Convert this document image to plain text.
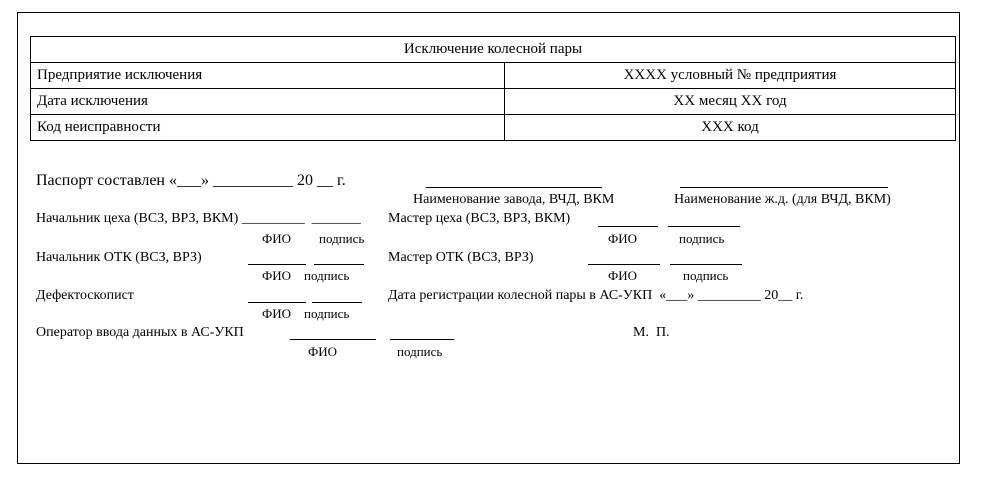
Исключение колесной пары	
Предприятие исключения	XXXX условный № предприятия
Дата исключения	XX месяц XX год
Код неисправности	XXX код
Паспорт составлен «___» __________ 20 __ г.
Наименование завода, ВЧД, ВКМ	Наименование ж.д. (для ВЧД, ВКМ)
Начальник цеха (ВСЗ, ВРЗ, ВКМ) _________  _______
ФИО подпись
Мастер цеха (ВСЗ, ВРЗ, ВКМ)
ФИО	подпись
Начальник ОТК (ВСЗ, ВРЗ)
ФИО подпись
Мастер ОТК (ВСЗ, ВРЗ)
ФИО	подпись
Дефектоскопист
ФИО подпись
Дата регистрации колесной пары в АС-УКП  «___» _________ 20__ г.
Оператор ввода данных в АС-УКП
ФИО	подпись
М.  П.
